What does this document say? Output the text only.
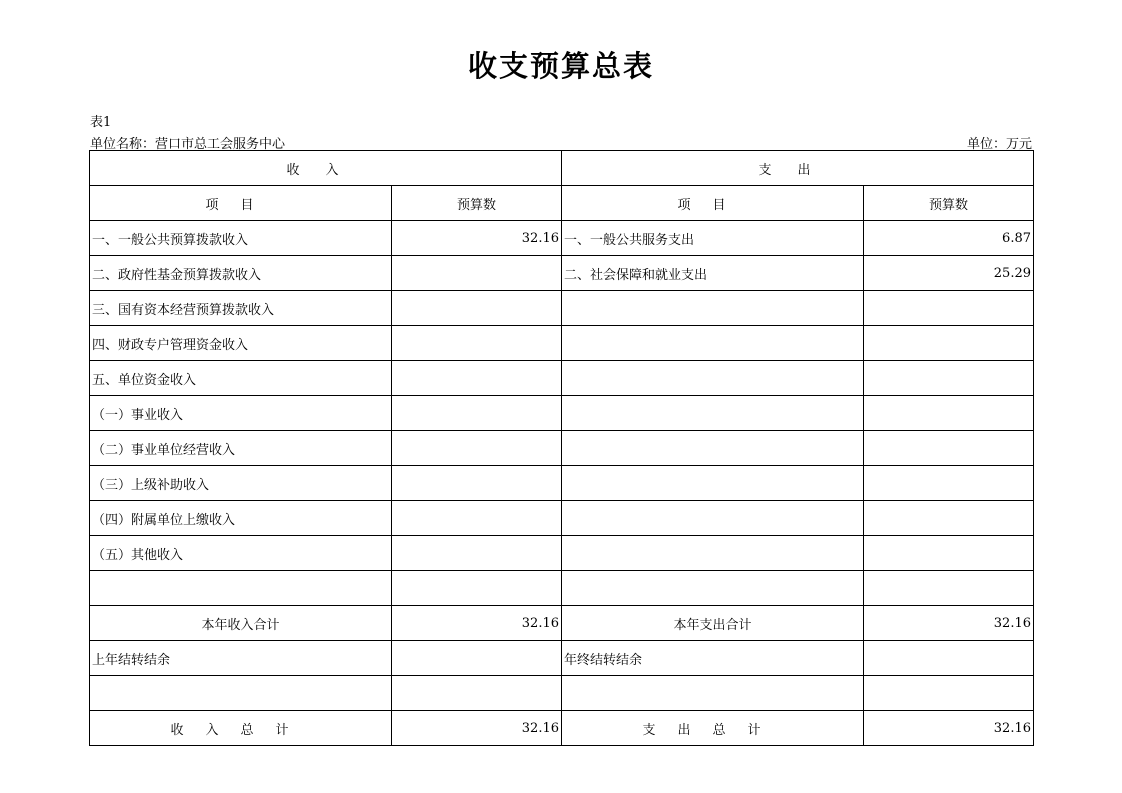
收支预算总表
表1
单位名称：营口市总工会服务中心	单位：万元
收入		支出	
项目	预算数	项目	预算数
一、一般公共预算拨款收入	32.16	一、一般公共服务支出	6.87
二、政府性基金预算拨款收入		二、社会保障和就业支出	25.29
三、国有资本经营预算拨款收入			
四、财政专户管理资金收入			
五、单位资金收入			
（一）事业收入			
（二）事业单位经营收入			
（三）上级补助收入			
（四）附属单位上缴收入			
（五）其他收入			

本年收入合计	32.16	本年支出合计	32.16
上年结转结余		年终结转结余	

收入总计	32.16	支出总计	32.16
